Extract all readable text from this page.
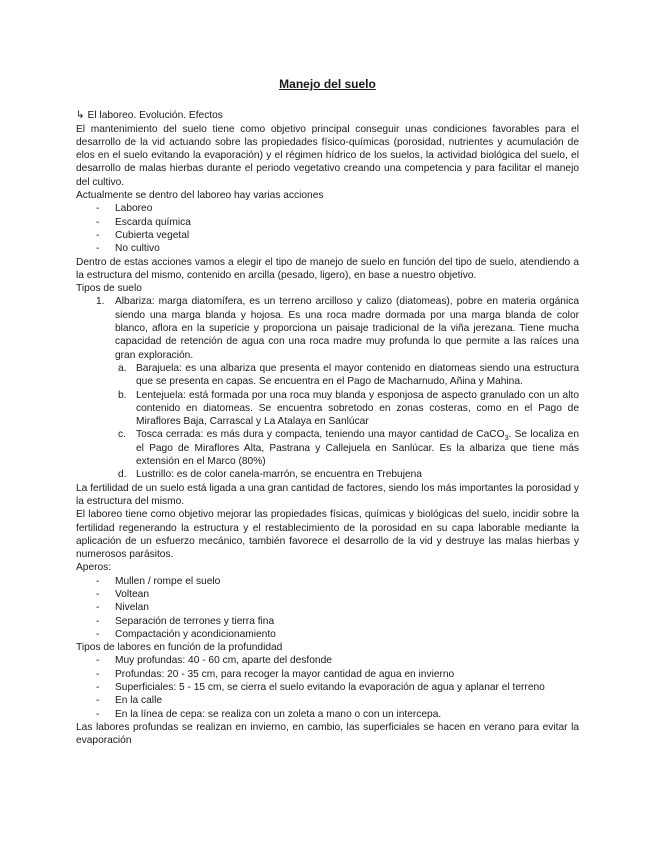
Manejo del suelo

↳ El laboreo. Evolución. Efectos

El mantenimiento del suelo tiene como objetivo principal conseguir unas condiciones favorables para el desarrollo de la vid actuando sobre las propiedades físico-químicas (porosidad, nutrientes y acumulación de elos en el suelo evitando la evaporación) y el régimen hídrico de los suelos, la actividad biológica del suelo, el desarrollo de malas hierbas durante el periodo vegetativo creando una competencia y para facilitar el manejo del cultivo.

Actualmente se dentro del laboreo hay varias acciones

- Laboreo
- Escarda química
- Cubierta vegetal
- No cultivo

Dentro de estas acciones vamos a elegir el tipo de manejo de suelo en función del tipo de suelo, atendiendo a la estructura del mismo, contenido en arcilla (pesado, ligero), en base a nuestro objetivo.

Tipos de suelo

1. Albariza: marga diatomífera, es un terreno arcilloso y calizo (diatomeas), pobre en materia orgánica siendo una marga blanda y hojosa. Es una roca madre dormada por una marga blanda de color blanco, aflora en la supericie y proporciona un paisaje tradicional de la viña jerezana. Tiene mucha capacidad de retención de agua con una roca madre muy profunda lo que permite a las raíces una gran exploración.
a. Barajuela: es una albariza que presenta el mayor contenido en diatomeas siendo una estructura que se presenta en capas. Se encuentra en el Pago de Macharnudo, Añina y Mahina.
b. Lentejuela: está formada por una roca muy blanda y esponjosa de aspecto granulado con un alto contenido en diatomeas. Se encuentra sobretodo en zonas costeras, como en el Pago de Miraflores Baja, Carrascal y La Atalaya en Sanlúcar
c. Tosca cerrada: es más dura y compacta, teniendo una mayor cantidad de CaCO$_3$. Se localiza en el Pago de Miraflores Alta, Pastrana y Callejuela en Sanlúcar. Es la albariza que tiene más extensión en el Marco (80%)
d. Lustrillo: es de color canela-marrón, se encuentra en Trebujena

La fertilidad de un suelo está ligada a una gran cantidad de factores, siendo los más importantes la porosidad y la estructura del mismo.

El laboreo tiene como objetivo mejorar las propiedades físicas, químicas y biológicas del suelo, incidir sobre la fertilidad regenerando la estructura y el restablecimiento de la porosidad en su capa laborable mediante la aplicación de un esfuerzo mecánico, también favorece el desarrollo de la vid y destruye las malas hierbas y numerosos parásitos.

Aperos:

- Mullen / rompe el suelo
- Voltean
- Nivelan
- Separación de terrones y tierra fina
- Compactación y acondicionamiento

Tipos de labores en función de la profundidad

- Muy profundas: 40 - 60 cm, aparte del desfonde
- Profundas: 20 - 35 cm, para recoger la mayor cantidad de agua en invierno
- Superficiales: 5 - 15 cm, se cierra el suelo evitando la evaporación de agua y aplanar el terreno
- En la calle
- En la línea de cepa: se realiza con un zoleta a mano o con un intercepa.

Las labores profundas se realizan en invierno, en cambio, las superficiales se hacen en verano para evitar la evaporación
